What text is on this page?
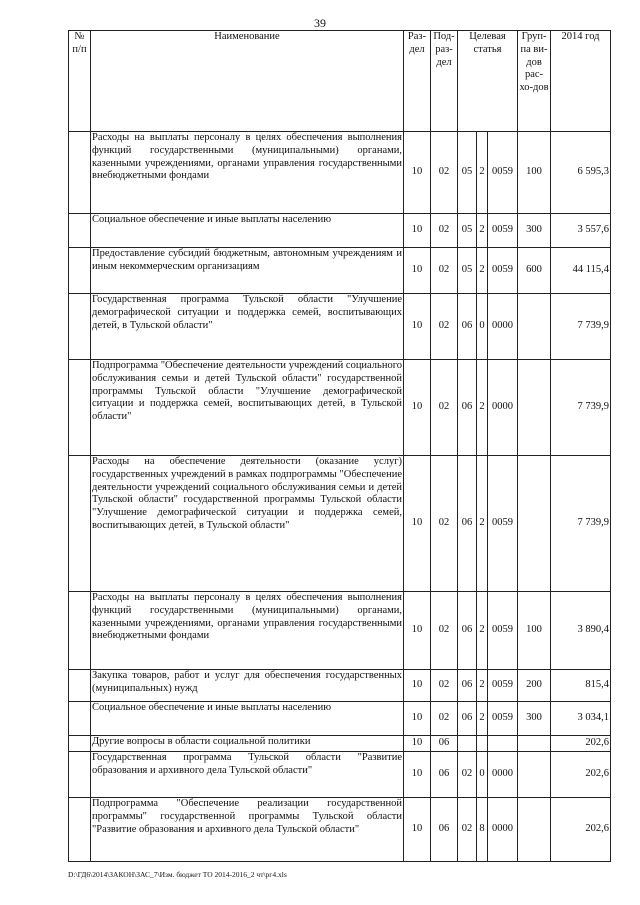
39
№ п/п	Наименование	Раз-дел	Под-раз-дел	Целевая статья			Груп-па ви-дов рас-хо-дов	2014 год
	Расходы на выплаты персоналу в целях обеспечения выполнения функций государственными (муниципальными) органами, казенными учреждениями, органами управления государственными внебюджетными фондами	10	02	05	2	0059	100	6 595,3
	Социальное обеспечение и иные выплаты населению	10	02	05	2	0059	300	3 557,6
	Предоставление субсидий бюджетным, автономным учреждениям и иным некоммерческим организациям	10	02	05	2	0059	600	44 115,4
	Государственная программа Тульской области "Улучшение демографической ситуации и поддержка семей, воспитывающих детей, в Тульской области"	10	02	06	0	0000		7 739,9
	Подпрограмма "Обеспечение деятельности учреждений социального обслуживания семьи и детей Тульской области" государственной программы Тульской области "Улучшение демографической ситуации и поддержка семей, воспитывающих детей, в Тульской области"	10	02	06	2	0000		7 739,9
	Расходы на обеспечение деятельности (оказание услуг) государственных учреждений в рамках подпрограммы "Обеспечение деятельности учреждений социального обслуживания семьи и детей Тульской области" государственной программы Тульской области "Улучшение демографической ситуации и поддержка семей, воспитывающих детей, в Тульской области"	10	02	06	2	0059		7 739,9
	Расходы на выплаты персоналу в целях обеспечения выполнения функций государственными (муниципальными) органами, казенными учреждениями, органами управления государственными внебюджетными фондами	10	02	06	2	0059	100	3 890,4
	Закупка товаров, работ и услуг для обеспечения государственных (муниципальных) нужд	10	02	06	2	0059	200	815,4
	Социальное обеспечение и иные выплаты населению	10	02	06	2	0059	300	3 034,1
	Другие вопросы в области социальной политики	10	06					202,6
	Государственная программа Тульской области "Развитие образования и архивного дела Тульской области"	10	06	02	0	0000		202,6
	Подпрограмма "Обеспечение реализации государственной программы" государственной программы Тульской области "Развитие образования и архивного дела Тульской области"	10	06	02	8	0000		202,6
D:\ГД6\2014\ЗАКОН\ЗАС_7\Изм. бюджет ТО 2014-2016_2 чт\рг4.xls
